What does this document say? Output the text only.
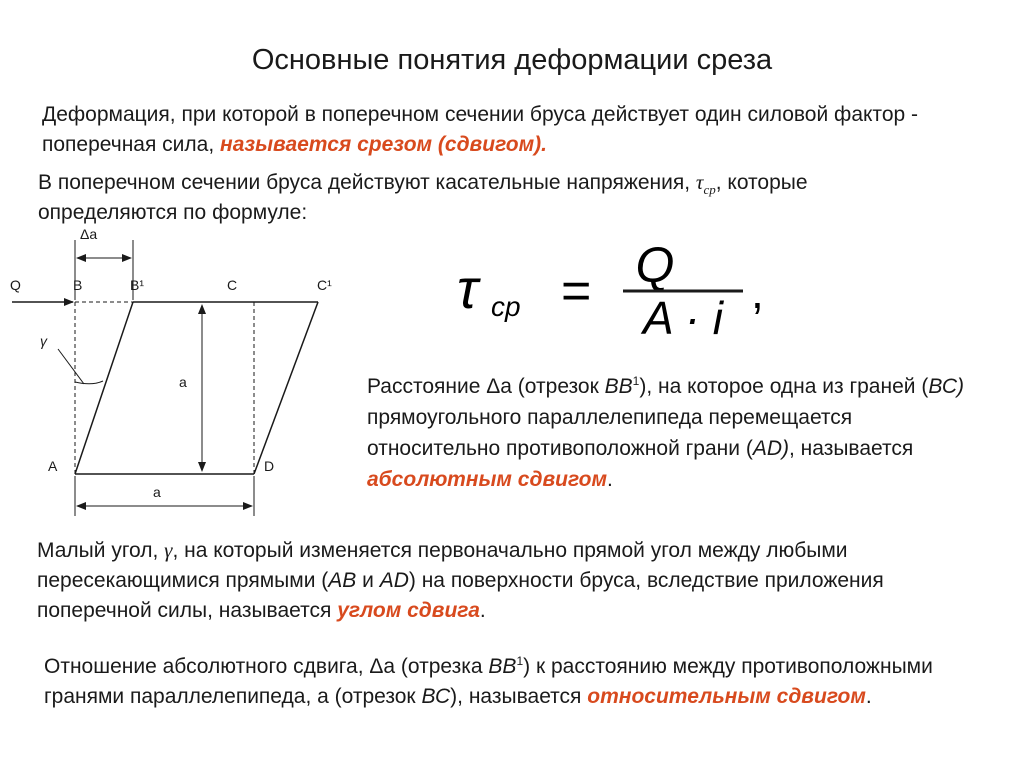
Основные понятия деформации среза
Деформация, при которой в поперечном сечении бруса действует один силовой фактор - поперечная сила, называется срезом (сдвигом).
В поперечном сечении бруса действуют касательные напряжения, $\tau_{ср}$, которые определяются по формуле:
τ ср = Q
A · i ,
Δa
Q	B	B¹	C	C¹
γ
a
A	D
a
Расстояние Δa (отрезок $ВВ^1$), на которое одна из граней (ВС) прямоугольного параллелепипеда перемещается относительно противоположной грани (AD), называется абсолютным сдвигом.
Малый угол, γ, на который изменяется первоначально прямой угол между любыми пересекающимися прямыми (АВ и AD) на поверхности бруса, вследствие приложения поперечной силы, называется углом сдвига.
Отношение абсолютного сдвига, Δa (отрезка $ВВ^1$) к расстоянию между противоположными гранями параллелепипеда, а (отрезок ВС), называется относительным сдвигом.
